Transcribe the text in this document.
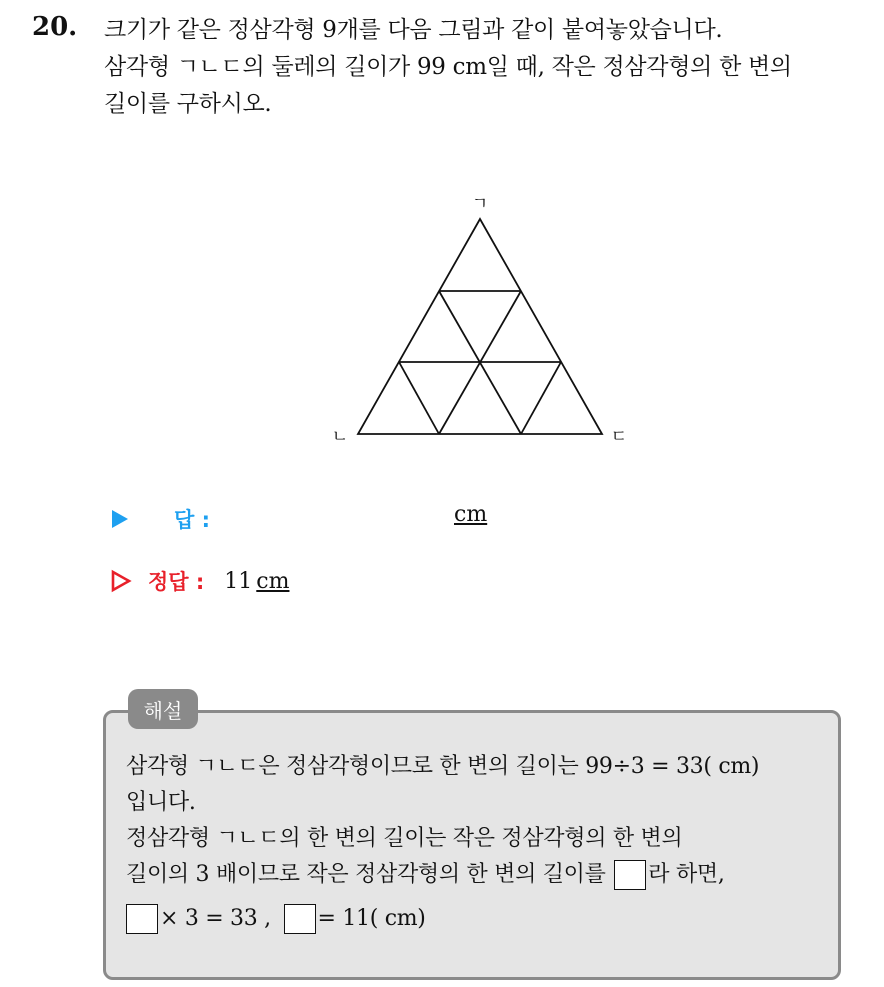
20. 크기가 같은 정삼각형 9개를 다음 그림과 같이 붙여놓았습니다.
삼각형 ㄱㄴㄷ의 둘레의 길이가 99 cm일 때, 작은 정삼각형의 한 변의
길이를 구하시오.
ㄱ
ㄴ	ㄷ
답 :	cm
정답 : 11 cm
삼각형 ㄱㄴㄷ은 정삼각형이므로 한 변의 길이는 99÷3 = 33( cm)
입니다.
정삼각형 ㄱㄴㄷ의 한 변의 길이는 작은 정삼각형의 한 변의
길이의 3 배이므로 작은 정삼각형의 한 변의 길이를 라 하면,
× 3 = 33 , = 11( cm)
해설
